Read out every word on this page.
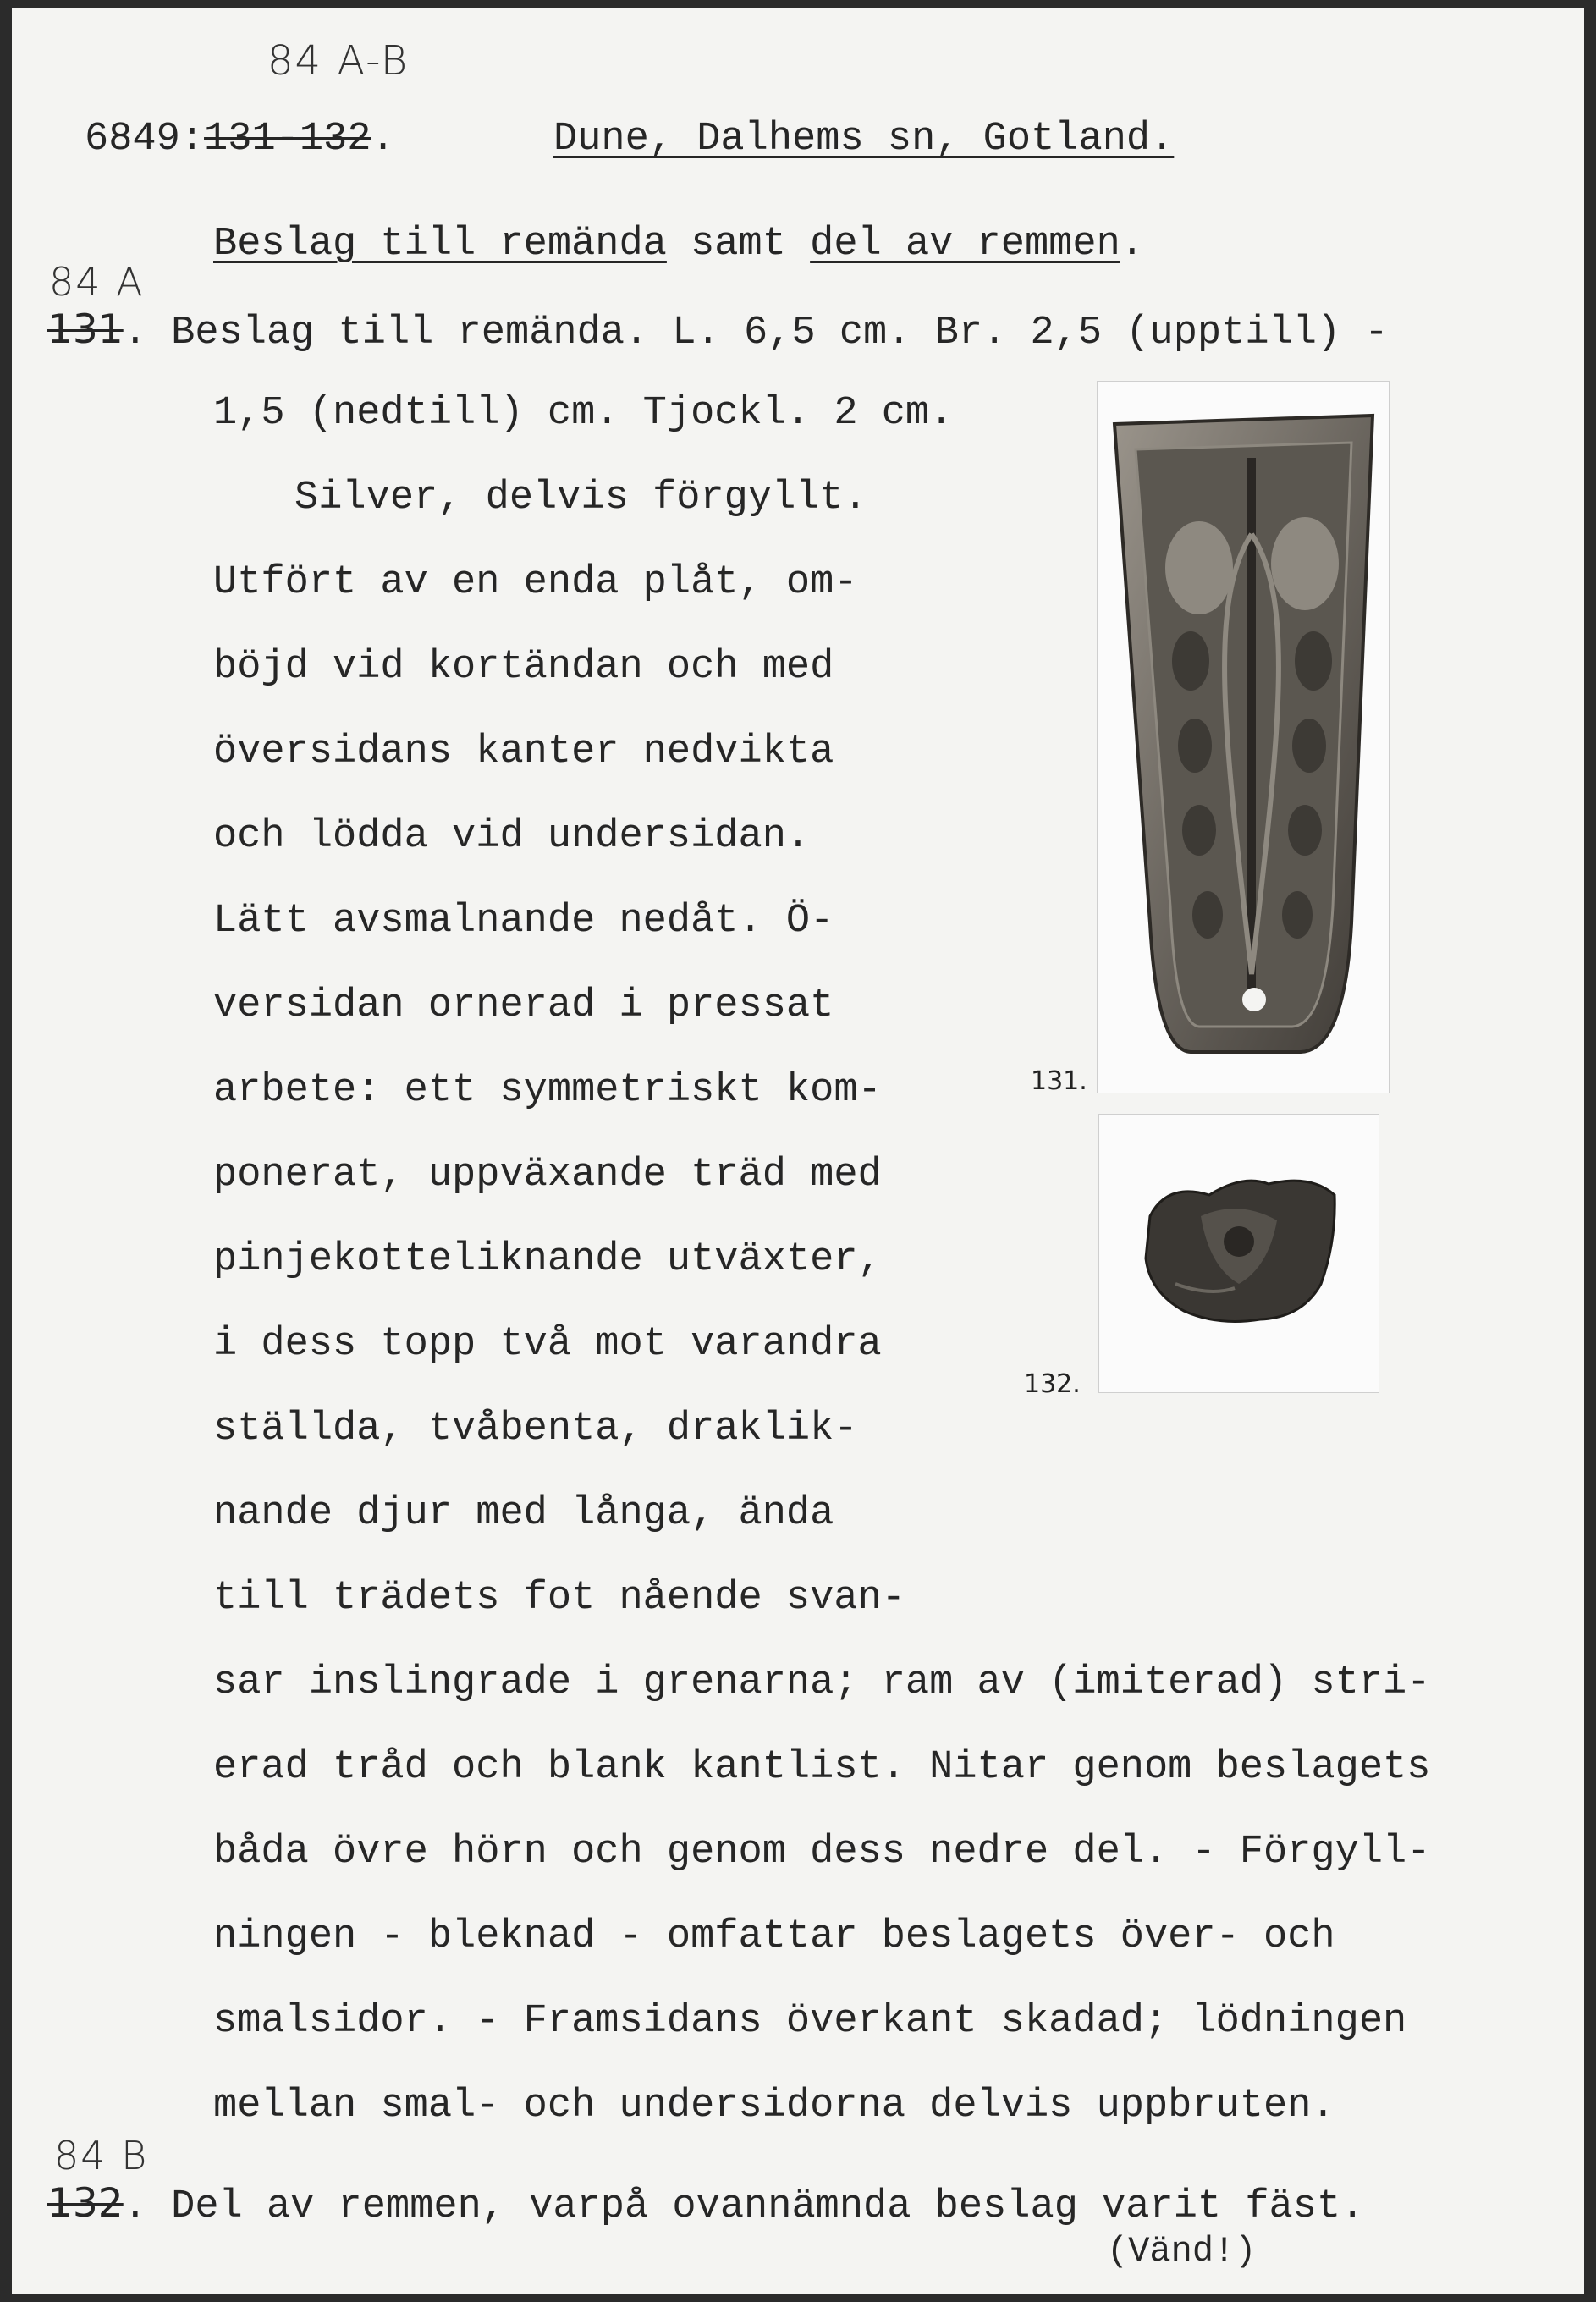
84 A-B
6849:131-132.	Dune, Dalhems sn, Gotland.
Beslag till remända samt del av remmen.
84 A
131. Beslag till remända. L. 6,5 cm. Br. 2,5 (upptill) -
1,5 (nedtill) cm. Tjockl. 2 cm.
Silver, delvis förgyllt.
Utfört av en enda plåt, om-
böjd vid kortändan och med
översidans kanter nedvikta
och lödda vid undersidan.
Lätt avsmalnande nedåt. Ö-
versidan ornerad i pressat
arbete: ett symmetriskt kom-
ponerat, uppväxande träd med
pinjekotteliknande utväxter,
i dess topp två mot varandra
ställda, tvåbenta, draklik-
nande djur med långa, ända
till trädets fot nående svan-
sar inslingrade i grenarna; ram av (imiterad) stri-
erad tråd och blank kantlist. Nitar genom beslagets
båda övre hörn och genom dess nedre del. - Förgyll-
ningen - bleknad - omfattar beslagets över- och
smalsidor. - Framsidans överkant skadad; lödningen
mellan smal- och undersidorna delvis uppbruten.
84 B
132. Del av remmen, varpå ovannämnda beslag varit fäst.
(Vänd!)
131.
132.
